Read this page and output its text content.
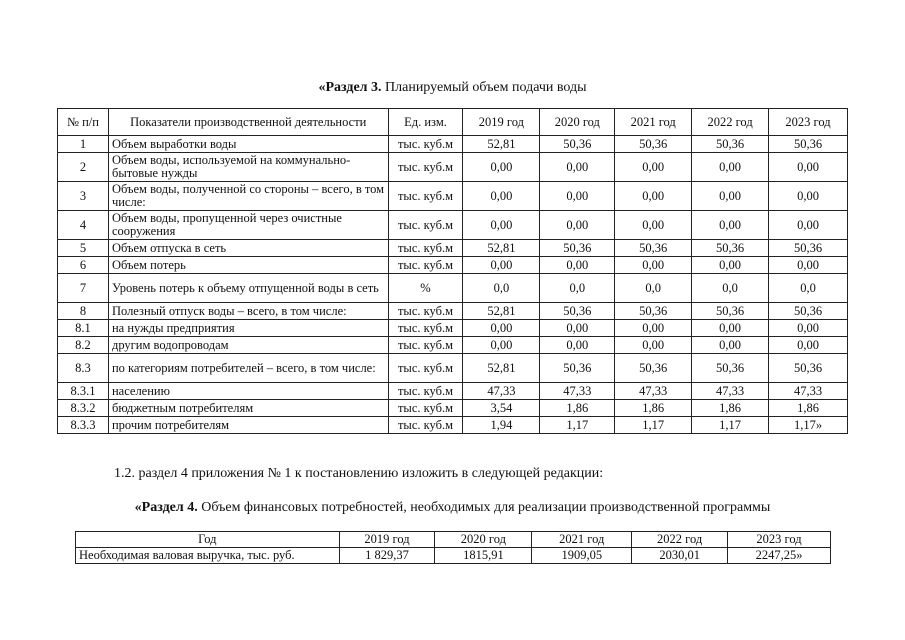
«Раздел 3. Планируемый объем подачи воды
№ п/п	Показатели производственной деятельности	Ед. изм.	2019 год	2020 год	2021 год	2022 год	2023 год
1	Объем выработки воды	тыс. куб.м	52,81	50,36	50,36	50,36	50,36
2	Объем воды, используемой на коммунально-бытовые нужды	тыс. куб.м	0,00	0,00	0,00	0,00	0,00
3	Объем воды, полученной со стороны – всего, в том числе:	тыс. куб.м	0,00	0,00	0,00	0,00	0,00
4	Объем воды, пропущенной через очистные сооружения	тыс. куб.м	0,00	0,00	0,00	0,00	0,00
5	Объем отпуска в сеть	тыс. куб.м	52,81	50,36	50,36	50,36	50,36
6	Объем потерь	тыс. куб.м	0,00	0,00	0,00	0,00	0,00
7	Уровень потерь к объему отпущенной воды в сеть	%	0,0	0,0	0,0	0,0	0,0
8	Полезный отпуск воды – всего, в том числе:	тыс. куб.м	52,81	50,36	50,36	50,36	50,36
8.1	на нужды предприятия	тыс. куб.м	0,00	0,00	0,00	0,00	0,00
8.2	другим водопроводам	тыс. куб.м	0,00	0,00	0,00	0,00	0,00
8.3	по категориям потребителей – всего, в том числе:	тыс. куб.м	52,81	50,36	50,36	50,36	50,36
8.3.1	населению	тыс. куб.м	47,33	47,33	47,33	47,33	47,33
8.3.2	бюджетным потребителям	тыс. куб.м	3,54	1,86	1,86	1,86	1,86
8.3.3	прочим потребителям	тыс. куб.м	1,94	1,17	1,17	1,17	1,17»
1.2. раздел 4 приложения № 1 к постановлению изложить в следующей редакции:
«Раздел 4. Объем финансовых потребностей, необходимых для реализации производственной программы
Год	2019 год	2020 год	2021 год	2022 год	2023 год
Необходимая валовая выручка, тыс. руб.	1 829,37	1815,91	1909,05	2030,01	2247,25»
